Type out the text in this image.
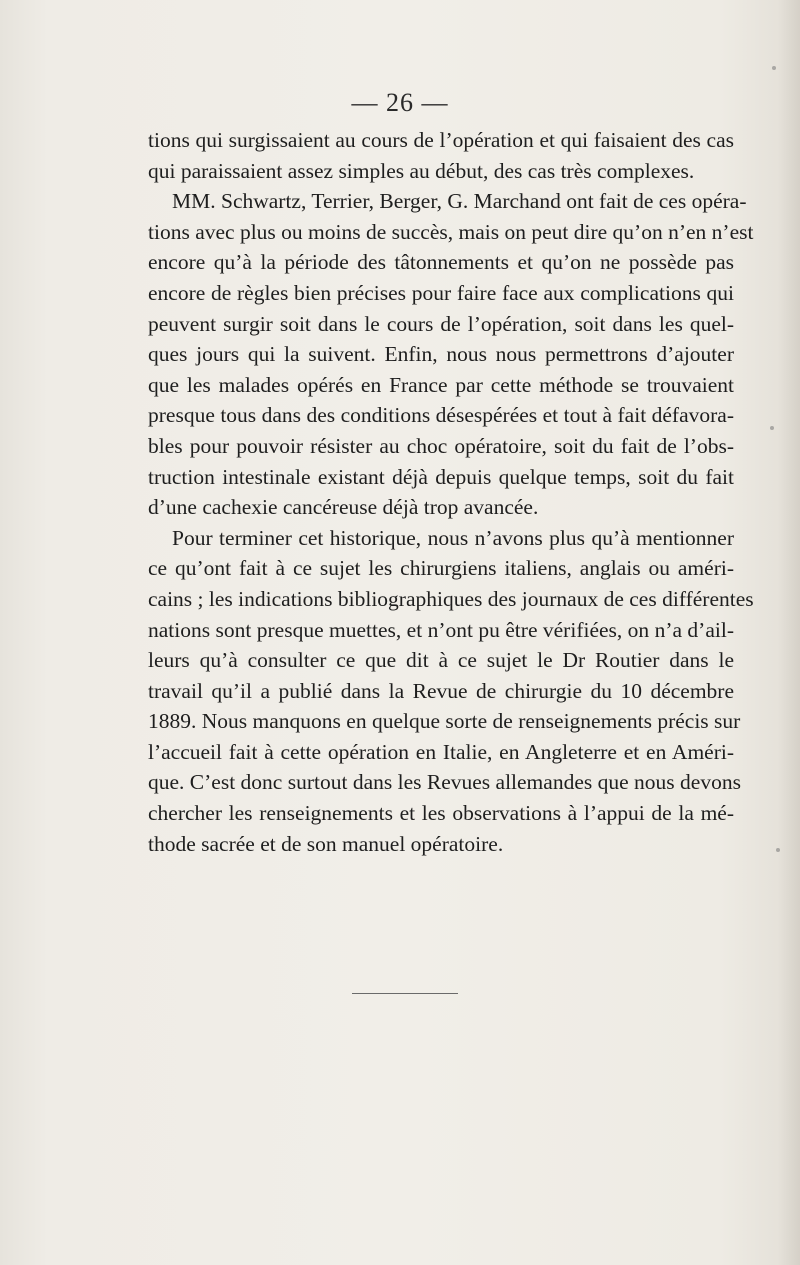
— 26 —
tions qui surgissaient au cours de l’opération et qui faisaient des cas
qui paraissaient assez simples au début, des cas très complexes.
MM. Schwartz, Terrier, Berger, G. Marchand ont fait de ces opéra-
tions avec plus ou moins de succès, mais on peut dire qu’on n’en n’est
encore qu’à la période des tâtonnements et qu’on ne possède pas
encore de règles bien précises pour faire face aux complications qui
peuvent surgir soit dans le cours de l’opération, soit dans les quel-
ques jours qui la suivent. Enfin, nous nous permettrons d’ajouter
que les malades opérés en France par cette méthode se trouvaient
presque tous dans des conditions désespérées et tout à fait défavora-
bles pour pouvoir résister au choc opératoire, soit du fait de l’obs-
truction intestinale existant déjà depuis quelque temps, soit du fait
d’une cachexie cancéreuse déjà trop avancée.
Pour terminer cet historique, nous n’avons plus qu’à mentionner
ce qu’ont fait à ce sujet les chirurgiens italiens, anglais ou améri-
cains ; les indications bibliographiques des journaux de ces différentes
nations sont presque muettes, et n’ont pu être vérifiées, on n’a d’ail-
leurs qu’à consulter ce que dit à ce sujet le Dr Routier dans le
travail qu’il a publié dans la Revue de chirurgie du 10 décembre
1889. Nous manquons en quelque sorte de renseignements précis sur
l’accueil fait à cette opération en Italie, en Angleterre et en Améri-
que. C’est donc surtout dans les Revues allemandes que nous devons
chercher les renseignements et les observations à l’appui de la mé-
thode sacrée et de son manuel opératoire.
